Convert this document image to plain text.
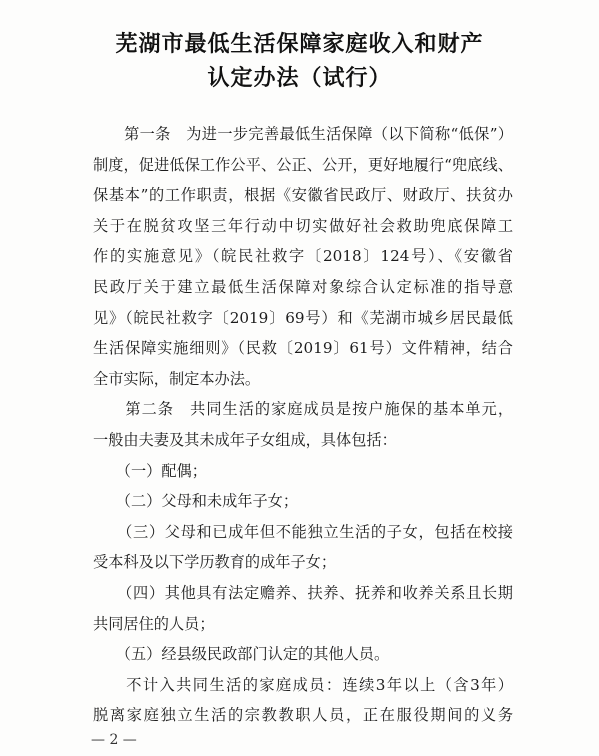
芜湖市最低生活保障家庭收入和财产
认定办法（试行）
　　第一条　为进一步完善最低生活保障（以下简称“低保”）
制度，促进低保工作公平、公正、公开，更好地履行“兜底线、
保基本”的工作职责，根据《安徽省民政厅、财政厅、扶贫办
关于在脱贫攻坚三年行动中切实做好社会救助兜底保障工
作的实施意见》（皖民社救字〔2018〕124号）、《安徽省
民政厅关于建立最低生活保障对象综合认定标准的指导意
见》（皖民社救字〔2019〕69号）和《芜湖市城乡居民最低
生活保障实施细则》（民救〔2019〕61号）文件精神，结合
全市实际，制定本办法。
　　第二条　共同生活的家庭成员是按户施保的基本单元，
一般由夫妻及其未成年子女组成，具体包括：
　　（一）配偶；
　　（二）父母和未成年子女；
　　（三）父母和已成年但不能独立生活的子女，包括在校接
受本科及以下学历教育的成年子女；
　　（四）其他具有法定赡养、扶养、抚养和收养关系且长期
共同居住的人员；
　　（五）经县级民政部门认定的其他人员。
　　不计入共同生活的家庭成员：连续3年以上（含3年）
脱离家庭独立生活的宗教教职人员，正在服役期间的义务
— 2 —
